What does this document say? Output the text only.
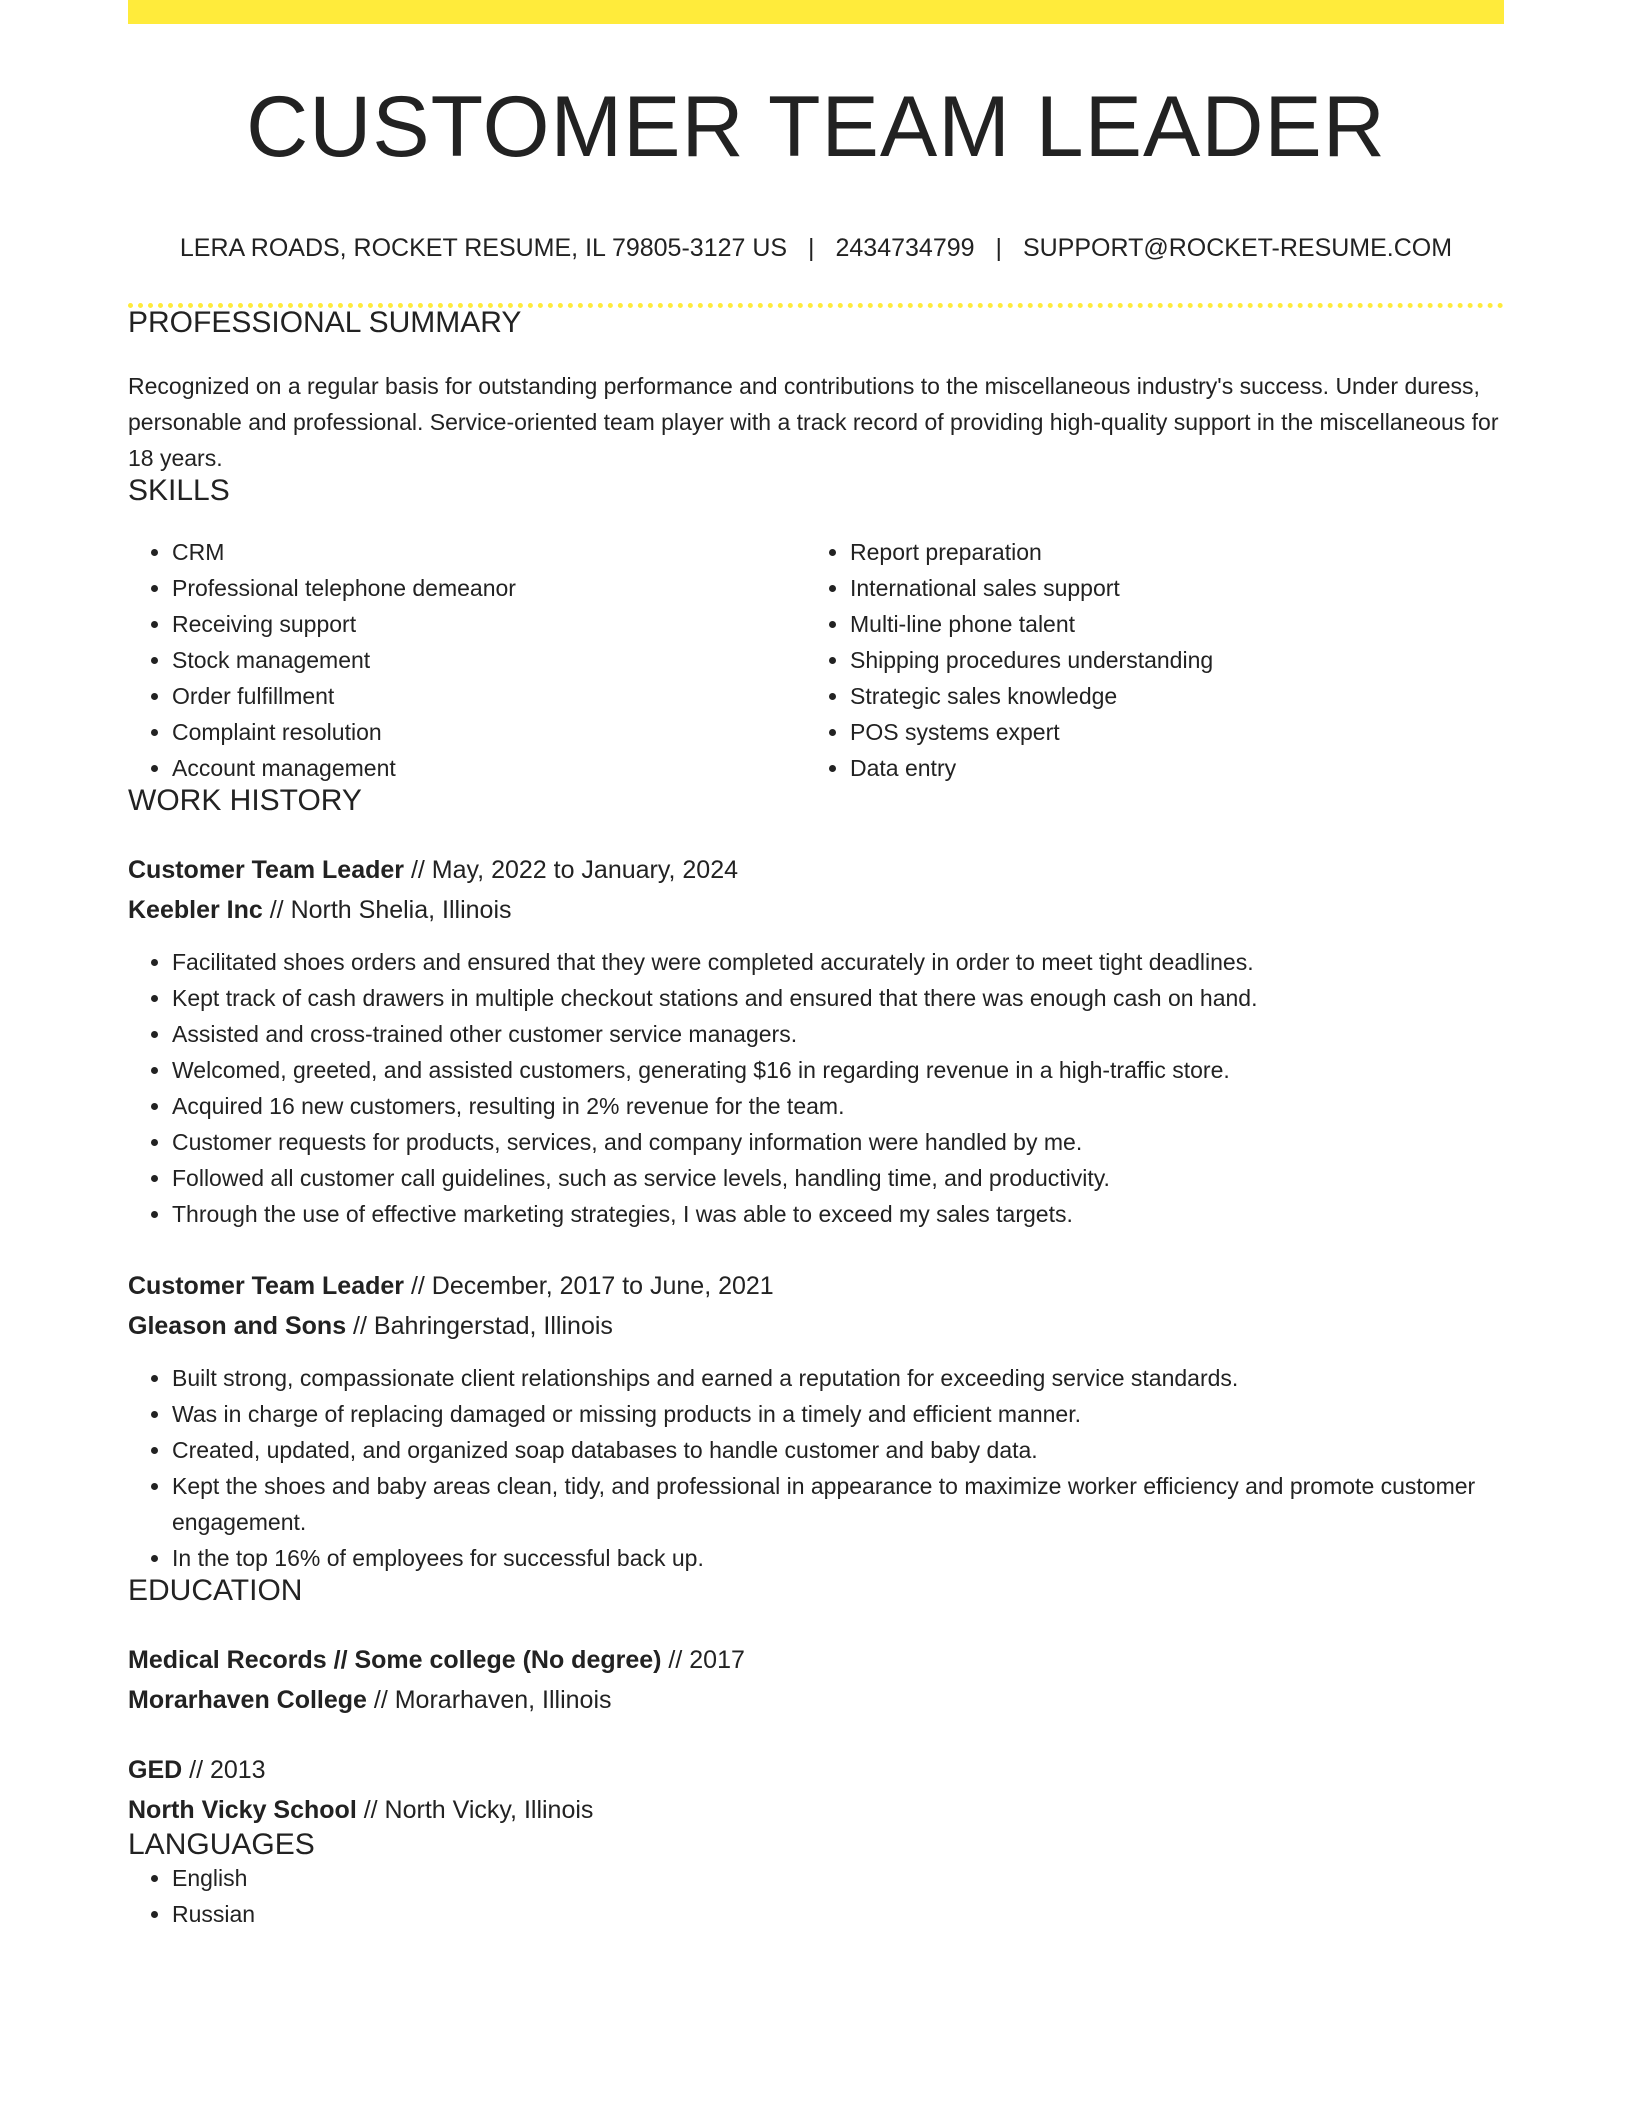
CUSTOMER TEAM LEADER
LERA ROADS, ROCKET RESUME, IL 79805-3127 US | 2434734799 | SUPPORT@ROCKET-RESUME.COM
PROFESSIONAL SUMMARY

Recognized on a regular basis for outstanding performance and contributions to the miscellaneous industry's success. Under duress, personable and professional. Service-oriented team player with a track record of providing high-quality support in the miscellaneous for 18 years.

SKILLS
• CRM
• Professional telephone demeanor
• Receiving support
• Stock management
• Order fulfillment
• Complaint resolution
• Account management
• Report preparation
• International sales support
• Multi-line phone talent
• Shipping procedures understanding
• Strategic sales knowledge
• POS systems expert
• Data entry
WORK HISTORY
Customer Team Leader // May, 2022 to January, 2024
Keebler Inc // North Shelia, Illinois
• Facilitated shoes orders and ensured that they were completed accurately in order to meet tight deadlines.
• Kept track of cash drawers in multiple checkout stations and ensured that there was enough cash on hand.
• Assisted and cross-trained other customer service managers.
• Welcomed, greeted, and assisted customers, generating $16 in regarding revenue in a high-traffic store.
• Acquired 16 new customers, resulting in 2% revenue for the team.
• Customer requests for products, services, and company information were handled by me.
• Followed all customer call guidelines, such as service levels, handling time, and productivity.
• Through the use of effective marketing strategies, I was able to exceed my sales targets.
Customer Team Leader // December, 2017 to June, 2021
Gleason and Sons // Bahringerstad, Illinois
• Built strong, compassionate client relationships and earned a reputation for exceeding service standards.
• Was in charge of replacing damaged or missing products in a timely and efficient manner.
• Created, updated, and organized soap databases to handle customer and baby data.
• Kept the shoes and baby areas clean, tidy, and professional in appearance to maximize worker efficiency and promote customer engagement.
• In the top 16% of employees for successful back up.
EDUCATION
Medical Records // Some college (No degree) // 2017
Morarhaven College // Morarhaven, Illinois
GED // 2013
North Vicky School // North Vicky, Illinois
LANGUAGES
• English
• Russian
